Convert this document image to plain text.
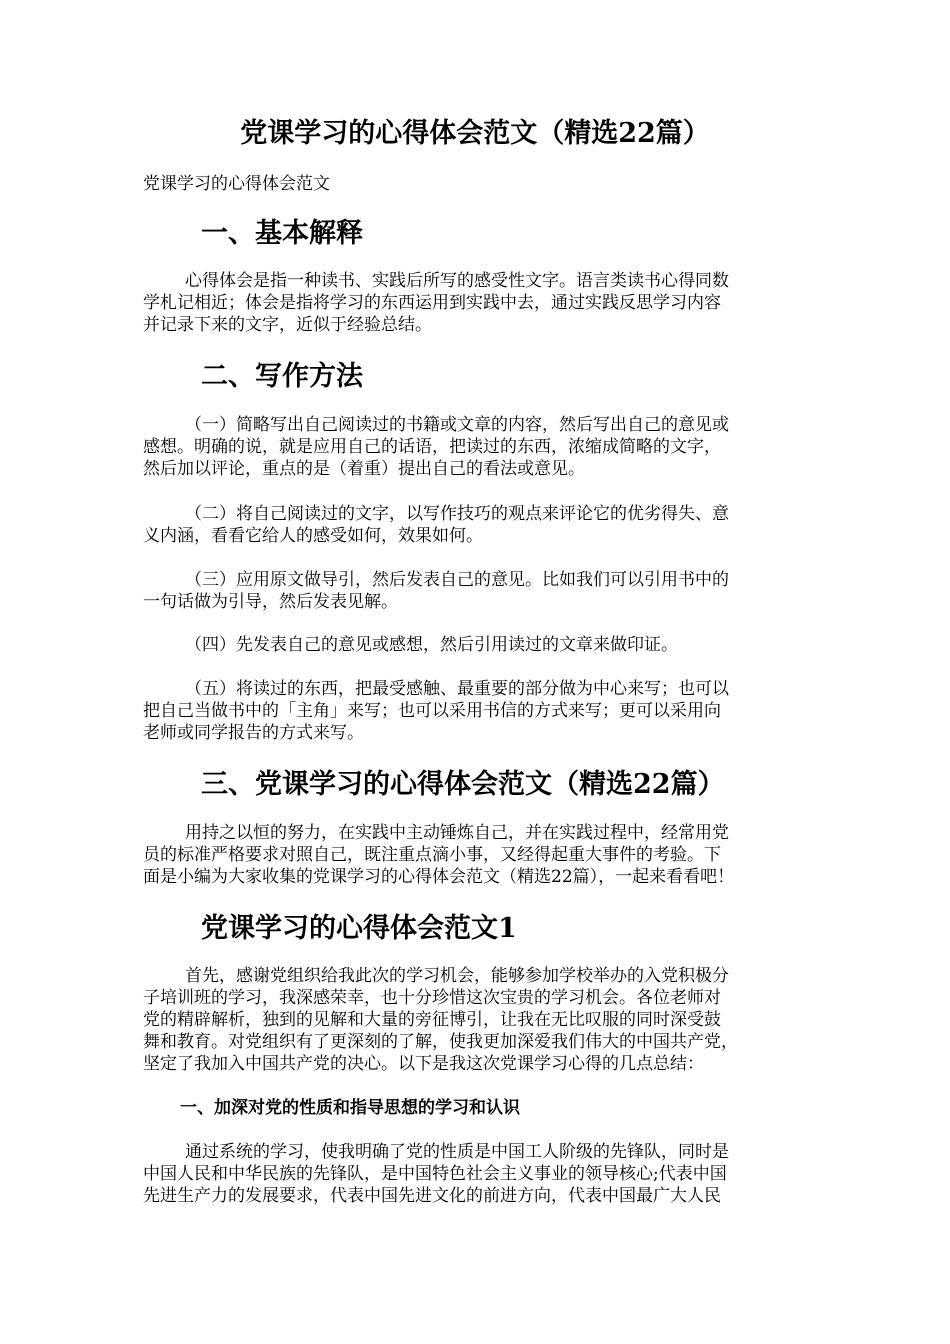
党课学习的心得体会范文（精选22篇）

党课学习的心得体会范文

一、基本解释
心得体会是指一种读书、实践后所写的感受性文字。语言类读书心得同数
学札记相近；体会是指将学习的东西运用到实践中去，通过实践反思学习内容
并记录下来的文字，近似于经验总结。
二、写作方法
（一）简略写出自己阅读过的书籍或文章的内容，然后写出自己的意见或
感想。明确的说，就是应用自己的话语，把读过的东西，浓缩成简略的文字，
然后加以评论，重点的是（着重）提出自己的看法或意见。
（二）将自己阅读过的文字，以写作技巧的观点来评论它的优劣得失、意
义内涵，看看它给人的感受如何，效果如何。
（三）应用原文做导引，然后发表自己的意见。比如我们可以引用书中的
一句话做为引导，然后发表见解。
（四）先发表自己的意见或感想，然后引用读过的文章来做印证。
（五）将读过的东西，把最受感触、最重要的部分做为中心来写；也可以
把自己当做书中的「主角」来写；也可以采用书信的方式来写；更可以采用向
老师或同学报告的方式来写。
三、党课学习的心得体会范文（精选22篇）
用持之以恒的努力，在实践中主动锤炼自己，并在实践过程中，经常用党
员的标准严格要求对照自己，既注重点滴小事，又经得起重大事件的考验。下
面是小编为大家收集的党课学习的心得体会范文（精选22篇），一起来看看吧！
党课学习的心得体会范文1
首先，感谢党组织给我此次的学习机会，能够参加学校举办的入党积极分
子培训班的学习，我深感荣幸，也十分珍惜这次宝贵的学习机会。各位老师对
党的精辟解析，独到的见解和大量的旁征博引，让我在无比叹服的同时深受鼓
舞和教育。对党组织有了更深刻的了解，使我更加深爱我们伟大的中国共产党，
坚定了我加入中国共产党的决心。以下是我这次党课学习心得的几点总结：
一、加深对党的性质和指导思想的学习和认识
通过系统的学习，使我明确了党的性质是中国工人阶级的先锋队，同时是
中国人民和中华民族的先锋队，是中国特色社会主义事业的领导核心;代表中国
先进生产力的发展要求，代表中国先进文化的前进方向，代表中国最广大人民
